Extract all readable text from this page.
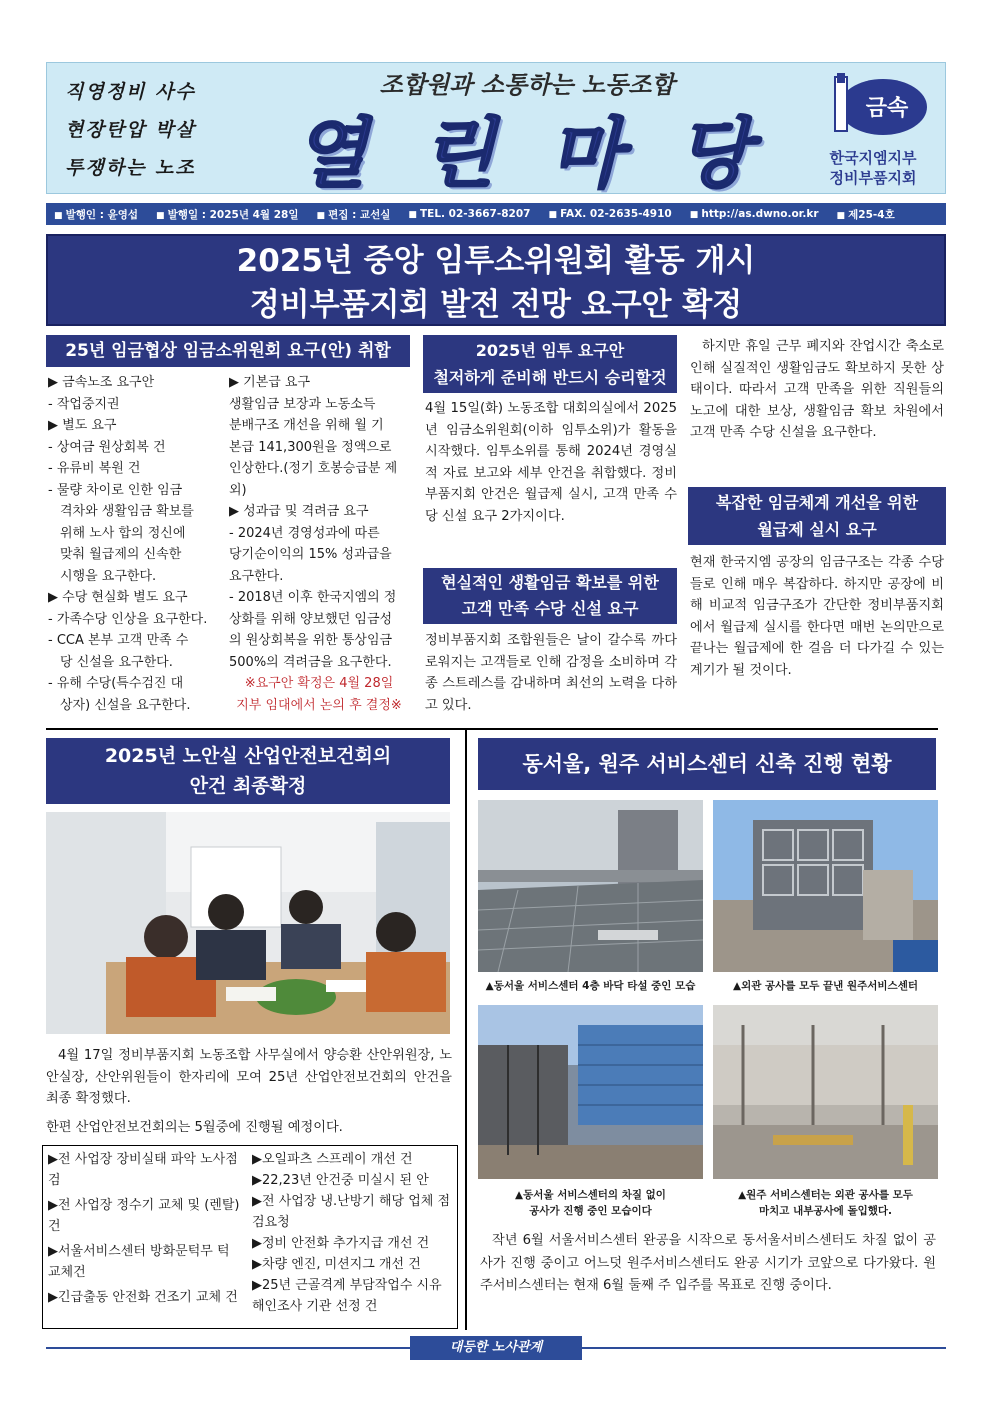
직영정비 사수
현장탄압 박살
투쟁하는 노조
조합원과 소통하는 노동조합
열 린 마 당
금속
한국지엠지부
정비부품지회
■ 발행인 : 윤영섭	■ 발행일 : 2025년 4월 28일	■ 편집 : 교선실	■ TEL. 02-3667-8207	■ FAX. 02-2635-4910	■ http://as.dwno.or.kr	■ 제25-4호
2025년 중앙 임투소위원회 활동 개시
정비부품지회 발전 전망 요구안 확정
25년 임금협상 임금소위원회 요구(안) 취합
▶ 금속노조 요구안
- 작업중지권
▶ 별도 요구
- 상여금 원상회복 건
- 유류비 복원 건
- 물량 차이로 인한 임금
격차와 생활임금 확보를
위해 노사 합의 정신에
맞춰 월급제의 신속한
시행을 요구한다.
▶ 수당 현실화 별도 요구
- 가족수당 인상을 요구한다.
- CCA 본부 고객 만족 수
당 신설을 요구한다.
- 유해 수당(특수검진 대
상자) 신설을 요구한다.
▶ 기본급 요구
생활임금 보장과 노동소득
분배구조 개선을 위해 월 기
본급 141,300원을 정액으로
인상한다.(정기 호봉승급분 제
외)
▶ 성과급 및 격려금 요구
- 2024년 경영성과에 따른
당기순이익의 15% 성과급을
요구한다.
- 2018년 이후 한국지엠의 정
상화를 위해 양보했던 임금성
의 원상회복을 위한 통상임금
500%의 격려금을 요구한다.
※요구안 확정은 4월 28일
지부 임대에서 논의 후 결정※
2025년 임투 요구안
철저하게 준비해 반드시 승리할것
4월 15일(화) 노동조합 대회의실에서 2025년 임금소위원회(이하 임투소위)가 활동을 시작했다. 임투소위를 통해 2024년 경영실적 자료 보고와 세부 안건을 취합했다. 정비부품지회 안건은 월급제 실시, 고객 만족 수당 신설 요구 2가지이다.
현실적인 생활임금 확보를 위한
고객 만족 수당 신설 요구
정비부품지회 조합원들은 날이 갈수록 까다로워지는 고객들로 인해 감정을 소비하며 각종 스트레스를 감내하며 최선의 노력을 다하고 있다.
하지만 휴일 근무 폐지와 잔업시간 축소로 인해 실질적인 생활임금도 확보하지 못한 상태이다. 따라서 고객 만족을 위한 직원들의 노고에 대한 보상, 생활임금 확보 차원에서 고객 만족 수당 신설을 요구한다.
복잡한 임금체계 개선을 위한
월급제 실시 요구
현재 한국지엠 공장의 임금구조는 각종 수당들로 인해 매우 복잡하다. 하지만 공장에 비해 비교적 임금구조가 간단한 정비부품지회에서 월급제 실시를 한다면 매번 논의만으로 끝나는 월급제에 한 걸음 더 다가길 수 있는 계기가 될 것이다.
2025년 노안실 산업안전보건회의
안건 최종확정
4월 17일 정비부품지회 노동조합 사무실에서 양승환 산안위원장, 노안실장, 산안위원들이 한자리에 모여 25년 산업안전보건회의 안건을 최종 확정했다.
한편 산업안전보건회의는 5월중에 진행될 예정이다.
▶전 사업장 장비실태 파악 노사점검
▶전 사업장 정수기 교체 및 (렌탈) 건
▶서울서비스센터 방화문턱무 턱 교체건
▶긴급출동 안전화 건조기 교체 건
▶오일파츠 스프레이 개선 건
▶22,23년 안건중 미실시 된 안
▶전 사업장 냉.난방기 해당 업체 점검요청
▶정비 안전화 추가지급 개선 건
▶차량 엔진, 미션지그 개선 건
▶25년 근골격계 부담작업수 시유해인조사 기관 선정 건
동서울, 원주 서비스센터 신축 진행 현황
▲동서울 서비스센터 4층 바닥 타설 중인 모습	▲외관 공사를 모두 끝낸 원주서비스센터
▲동서울 서비스센터의 차질 없이
공사가 진행 중인 모습이다
▲원주 서비스센터는 외관 공사를 모두
마치고 내부공사에 돌입했다.
작년 6월 서울서비스센터 완공을 시작으로 동서울서비스센터도 차질 없이 공사가 진행 중이고 어느덧 원주서비스센터도 완공 시기가 코앞으로 다가왔다. 원주서비스센터는 현재 6월 둘째 주 입주를 목표로 진행 중이다.
대등한 노사관계
